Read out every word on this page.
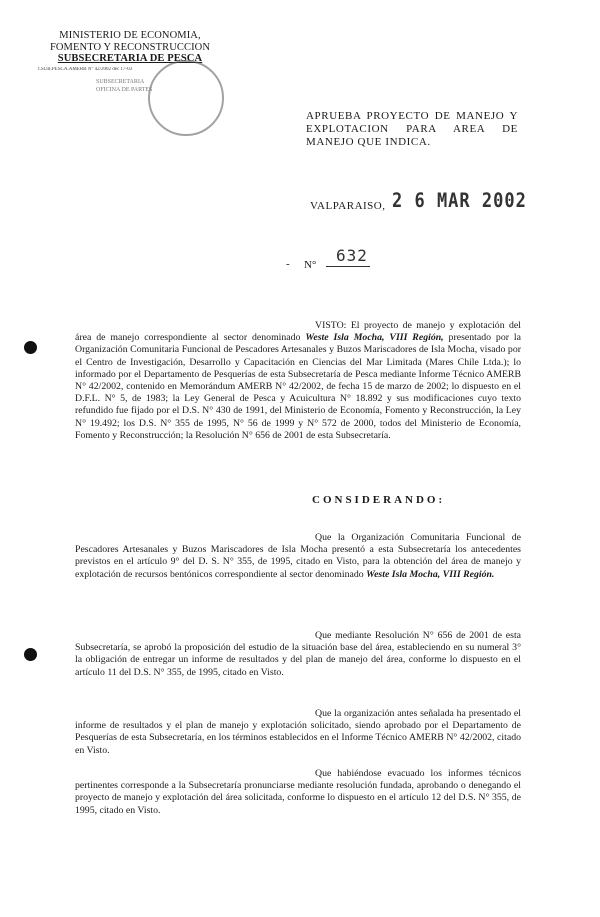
MINISTERIO DE ECONOMIA,
FOMENTO Y RECONSTRUCCION
SUBSECRETARIA DE PESCA
I.SUB.PESCA.AMERB N° 42/2002 dec 17-03
SUBSECRETARIA
OFICINA DE PARTES
APRUEBA PROYECTO DE MANEJO Y EXPLOTACION PARA AREA DE MANEJO QUE INDICA.
VALPARAISO, 2 6 MAR 2002
- N° 632
VISTO: El proyecto de manejo y explotación del área de manejo correspondiente al sector denominado Weste Isla Mocha, VIII Región, presentado por la Organización Comunitaria Funcional de Pescadores Artesanales y Buzos Mariscadores de Isla Mocha, visado por el Centro de Investigación, Desarrollo y Capacitación en Ciencias del Mar Limitada (Mares Chile Ltda.); lo informado por el Departamento de Pesquerías de esta Subsecretaría de Pesca mediante Informe Técnico AMERB N° 42/2002, contenido en Memorándum AMERB N° 42/2002, de fecha 15 de marzo de 2002; lo dispuesto en el D.F.L. N° 5, de 1983; la Ley General de Pesca y Acuicultura N° 18.892 y sus modificaciones cuyo texto refundido fue fijado por el D.S. N° 430 de 1991, del Ministerio de Economía, Fomento y Reconstrucción, la Ley N° 19.492; los D.S. N° 355 de 1995, N° 56 de 1999 y N° 572 de 2000, todos del Ministerio de Economía, Fomento y Reconstrucción; la Resolución N° 656 de 2001 de esta Subsecretaría.
CONSIDERANDO:
Que la Organización Comunitaria Funcional de Pescadores Artesanales y Buzos Mariscadores de Isla Mocha presentó a esta Subsecretaría los antecedentes previstos en el artículo 9° del D. S. N° 355, de 1995, citado en Visto, para la obtención del área de manejo y explotación de recursos bentónicos correspondiente al sector denominado Weste Isla Mocha, VIII Región.
Que mediante Resolución N° 656 de 2001 de esta Subsecretaría, se aprobó la proposición del estudio de la situación base del área, estableciendo en su numeral 3° la obligación de entregar un informe de resultados y del plan de manejo del área, conforme lo dispuesto en el artículo 11 del D.S. N° 355, de 1995, citado en Visto.
Que la organización antes señalada ha presentado el informe de resultados y el plan de manejo y explotación solicitado, siendo aprobado por el Departamento de Pesquerías de esta Subsecretaría, en los términos establecidos en el Informe Técnico AMERB N° 42/2002, citado en Visto.
Que habiéndose evacuado los informes técnicos pertinentes corresponde a la Subsecretaría pronunciarse mediante resolución fundada, aprobando o denegando el proyecto de manejo y explotación del área solicitada, conforme lo dispuesto en el artículo 12 del D.S. N° 355, de 1995, citado en Visto.
